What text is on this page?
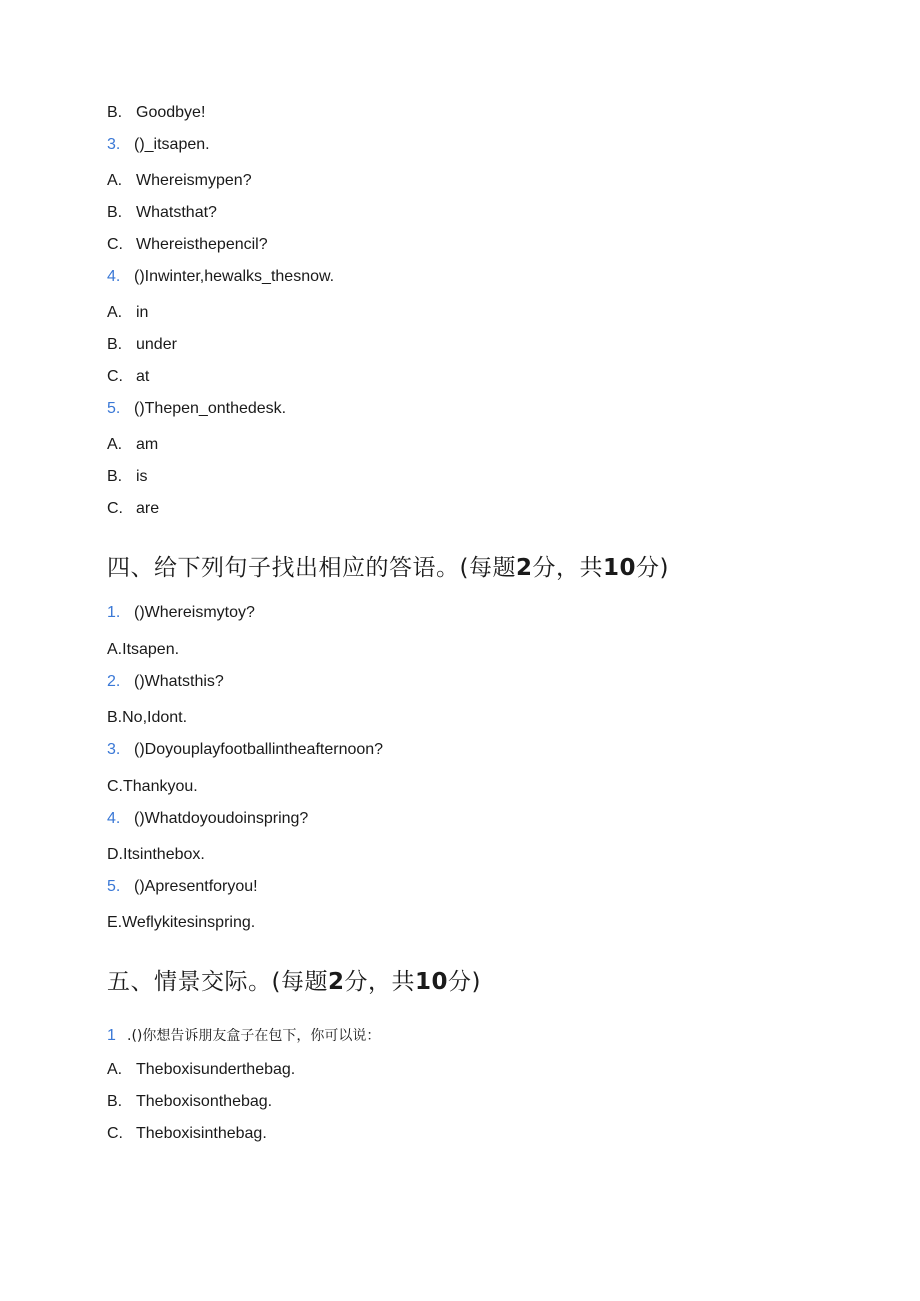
B. Goodbye!
3. ()_itsapen.
A. Whereismypen?
B. Whatsthat?
C. Whereisthepencil?
4. ()Inwinter,hewalks_thesnow.
A. in
B. under
C. at
5. ()Thepen_onthedesk.
A. am
B. is
C. are
四、给下列句子找出相应的答语。(每题2分，共10分)
1. ()Whereismytoy?
A.Itsapen.
2. ()Whatsthis?
B.No,Idont.
3. ()Doyouplayfootballintheafternoon?
C.Thankyou.
4. ()Whatdoyoudoinspring?
D.Itsinthebox.
5. ()Apresentforyou!
E.Weflykitesinspring.
五、情景交际。(每题2分，共10分)
1 .()你想告诉朋友盒子在包下，你可以说：
A. Theboxisunderthebag.
B. Theboxisonthebag.
C. Theboxisinthebag.
